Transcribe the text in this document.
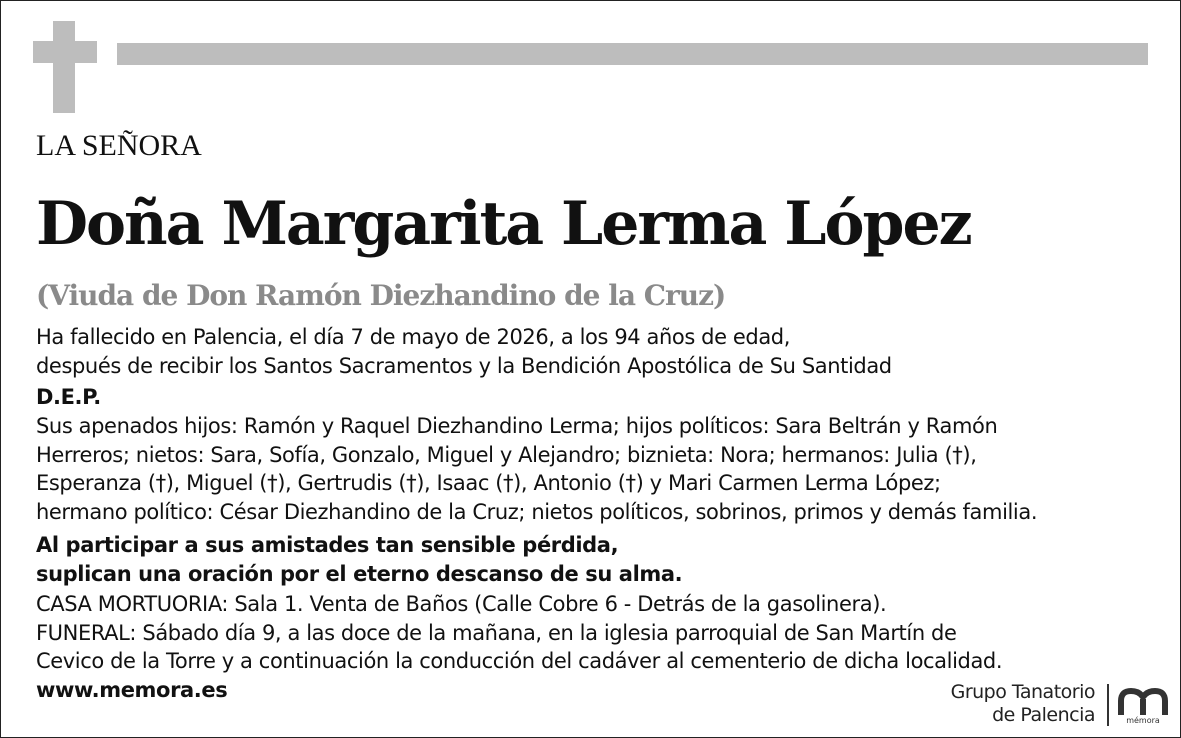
LA SEÑORA
Doña Margarita Lerma López
(Viuda de Don Ramón Diezhandino de la Cruz)
Ha fallecido en Palencia, el día 7 de mayo de 2026, a los 94 años de edad,
después de recibir los Santos Sacramentos y la Bendición Apostólica de Su Santidad
D.E.P.
Sus apenados hijos: Ramón y Raquel Diezhandino Lerma; hijos políticos: Sara Beltrán y Ramón
Herreros; nietos: Sara, Sofía, Gonzalo, Miguel y Alejandro; biznieta: Nora; hermanos: Julia (†),
Esperanza (†), Miguel (†), Gertrudis (†), Isaac (†), Antonio (†) y Mari Carmen Lerma López;
hermano político: César Diezhandino de la Cruz; nietos políticos, sobrinos, primos y demás familia.
Al participar a sus amistades tan sensible pérdida,
suplican una oración por el eterno descanso de su alma.
CASA MORTUORIA: Sala 1. Venta de Baños (Calle Cobre 6 - Detrás de la gasolinera).
FUNERAL: Sábado día 9, a las doce de la mañana, en la iglesia parroquial de San Martín de
Cevico de la Torre y a continuación la conducción del cadáver al cementerio de dicha localidad.
www.memora.es	Grupo Tanatorio
de Palencia	mémora
